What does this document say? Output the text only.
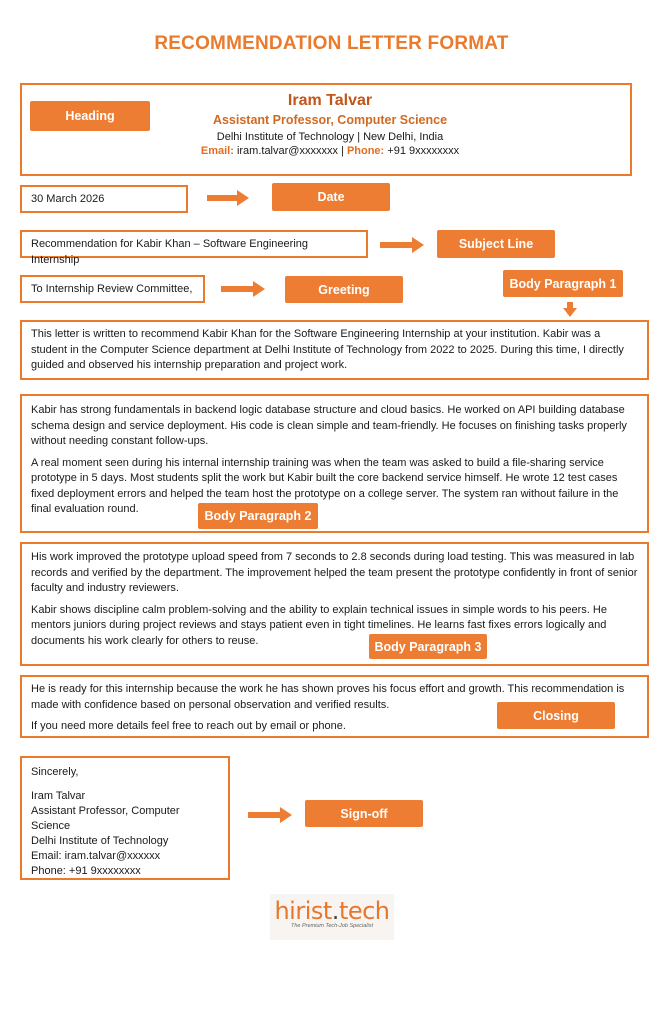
RECOMMENDATION LETTER FORMAT
Heading
Iram Talvar
Assistant Professor, Computer Science
Delhi Institute of Technology | New Delhi, India
Email: iram.talvar@xxxxxxx | Phone: +91 9xxxxxxxx
30 March 2026	Date
Recommendation for Kabir Khan – Software Engineering Internship
Subject Line
To Internship Review Committee,	Greeting	Body Paragraph 1

This letter is written to recommend Kabir Khan for the Software Engineering Internship at your institution. Kabir was a student in the Computer Science department at Delhi Institute of Technology from 2022 to 2025. During this time, I directly guided and observed his internship preparation and project work.

Kabir has strong fundamentals in backend logic database structure and cloud basics. He worked on API building database schema design and service deployment. His code is clean simple and team-friendly. He focuses on finishing tasks properly without needing constant follow-ups.

A real moment seen during his internal internship training was when the team was asked to build a file-sharing service prototype in 5 days. Most students split the work but Kabir built the core backend service himself. He wrote 12 test cases fixed deployment errors and helped the team host the prototype on a college server. The system ran without failure in the final evaluation round.	Body Paragraph 2

His work improved the prototype upload speed from 7 seconds to 2.8 seconds during load testing. This was measured in lab records and verified by the department. The improvement helped the team present the prototype confidently in front of senior faculty and industry reviewers.

Kabir shows discipline calm problem-solving and the ability to explain technical issues in simple words to his peers. He mentors juniors during project reviews and stays patient even in tight timelines. He learns fast fixes errors logically and documents his work clearly for others to reuse.	Body Paragraph 3

He is ready for this internship because the work he has shown proves his focus effort and growth. This recommendation is made with confidence based on personal observation and verified results.

If you need more details feel free to reach out by email or phone.

Closing
Sincerely,
Iram Talvar
Assistant Professor, Computer Science
Delhi Institute of Technology
Email: iram.talvar@xxxxxx
Phone: +91 9xxxxxxxx
Sign-off
hirist.tech
The Premium Tech-Job Specialist
